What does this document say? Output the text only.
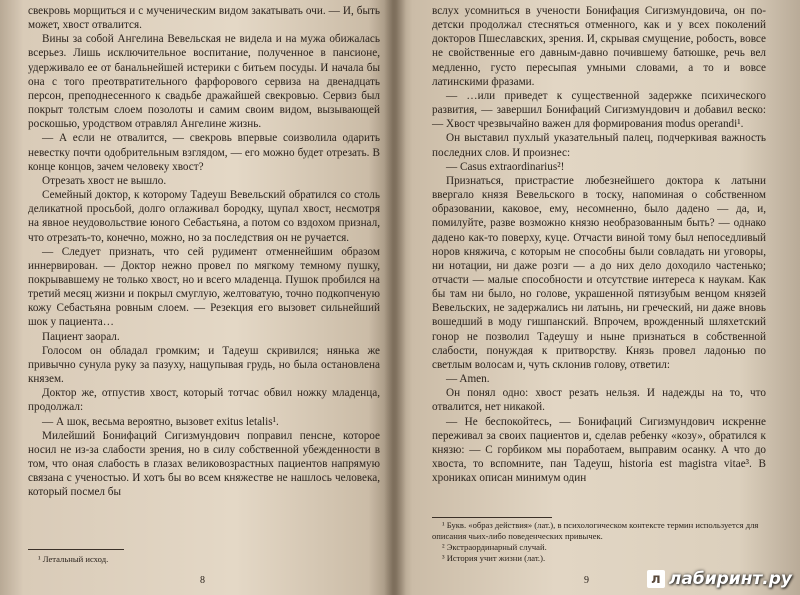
свекровь морщиться и с мученическим видом закатывать очи. — И, быть может, хвост отвалится.

Вины за собой Ангелина Вевельская не видела и на мужа обижалась всерьез. Лишь исключительное воспитание, полученное в пансионе, удерживало ее от банальнейшей истерики с битьем посуды. И начала бы она с того преотвратительного фарфорового сервиза на двенадцать персон, преподнесенного к свадьбе дражайшей свекровью. Сервиз был покрыт толстым слоем позолоты и самим своим видом, вызывающей роскошью, уродством отравлял Ангелине жизнь.

— А если не отвалится, — свекровь впервые соизволила одарить невестку почти одобрительным взглядом, — его можно будет отрезать. В конце концов, зачем человеку хвост?

Отрезать хвост не вышло.

Семейный доктор, к которому Тадеуш Вевельский обратился со столь деликатной просьбой, долго оглаживал бородку, щупал хвост, несмотря на явное неудовольствие юного Себастьяна, а потом со вздохом признал, что отрезать-то, конечно, можно, но за последствия он не ручается.

— Следует признать, что сей рудимент отменнейшим образом иннервирован. — Доктор нежно провел по мягкому темному пушку, покрывавшему не только хвост, но и всего младенца. Пушок пробился на третий месяц жизни и покрыл смуглую, желтоватую, точно подкопченую кожу Себастьяна ровным слоем. — Резекция его вызовет сильнейший шок у пациента…

Пациент заорал.

Голосом он обладал громким; и Тадеуш скривился; нянька же привычно сунула руку за пазуху, нащупывая грудь, но была остановлена князем.

Доктор же, отпустив хвост, который тотчас обвил ножку младенца, продолжал:

— А шок, весьма вероятно, вызовет exitus letalis¹.

Милейший Бонифаций Сигизмундович поправил пенсне, которое носил не из-за слабости зрения, но в силу собственной убежденности в том, что оная слабость в глазах великовозрастных пациентов напрямую связана с ученостью. И хотъ бы во всем княжестве не нашлось человека, который посмел бы

¹ Летальный исход.

8

вслух усомниться в учености Бонифация Сигизмундовича, он по-детски продолжал стесняться отменного, как и у всех поколений докторов Пшеславских, зрения. И, скрывая смущение, робость, вовсе не свойственные его давным-давно почившему батюшке, речь вел медленно, густо пересыпая умными словами, а то и вовсе латинскими фразами.

— …или приведет к существенной задержке психического развития, — завершил Бонифаций Сигизмундович и добавил веско: — Хвост чрезвычайно важен для формирования modus operandi¹.

Он выставил пухлый указательный палец, подчеркивая важность последних слов. И произнес:

— Casus extraordinarius²!

Признаться, пристрастие любезнейшего доктора к латыни ввергало князя Вевельского в тоску, напоминая о собственном образовании, каковое, ему, несомненно, было дадено — да, и, помилуйте, разве возможно князю необразованным быть? — однако дадено как-то поверху, куце. Отчасти виной тому был непоседливый норов княжича, с которым не способны были совладать ни уговоры, ни нотации, ни даже розги — а до них дело доходило частенько; отчасти — малые способности и отсутствие интереса к наукам. Как бы там ни было, но голове, украшенной пятизубым венцом князей Вевельских, не задержались ни латынь, ни греческий, ни даже вновь вошедший в моду гишпанский. Впрочем, врожденный шляхетский гонор не позволил Тадеушу и ныне признаться в собственной слабости, понуждая к притворству. Князь провел ладонью по светлым волосам и, чуть склонив голову, ответил:

— Amen.

Он понял одно: хвост резать нельзя. И надежды на то, что отвалится, нет никакой.

— Не беспокойтесь, — Бонифаций Сигизмундович искренне переживал за своих пациентов и, сделав ребенку «козу», обратился к князю: — С горбиком мы поработаем, выправим осанку. А что до хвоста, то вспомните, пан Тадеуш, historia est magistra vitae³. В хрониках описан минимум один

¹ Букв. «образ действия» (лат.), в психологическом контексте термин используется для описания чьих-либо поведенческих привычек.

² Экстраординарный случай.

³ История учит жизни (лат.).

9	л лабиринт.ру
